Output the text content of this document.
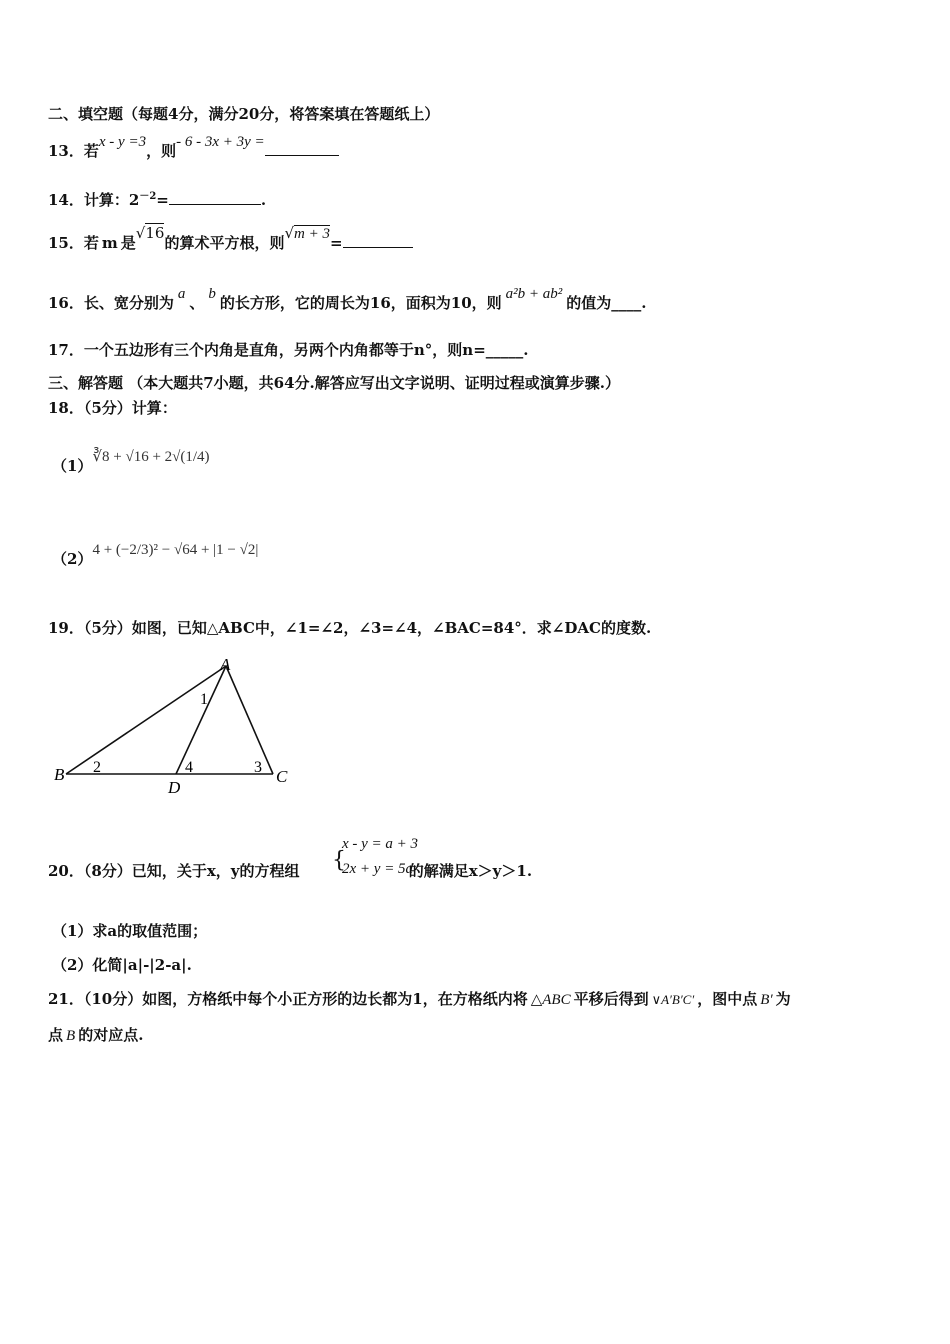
二、填空题（每题4分，满分20分，将答案填在答题纸上）
13．若x - y =3，则- 6 - 3x + 3y =
14．计算：$2^{-2}=$	.
15．若 m 是√16的算术平方根，则√m + 3=
16．长、宽分别为 a 、 b 的长方形，它的周长为16，面积为10，则 a²b + ab² 的值为____.
17．一个五边形有三个内角是直角，另两个内角都等于n°，则n=_____.
三、解答题 （本大题共7小题，共64分.解答应写出文字说明、证明过程或演算步骤.）
18．（5分）计算：
（1）∛8 + √16 + 2√(1/4)
（2）4 + (−2/3)² − √64 + |1 − √2|
19．（5分）如图，已知△ABC中，∠1=∠2，∠3=∠4，∠BAC=84°．求∠DAC的度数.
A
B	C
D
1
2	3
4
20．（8分）已知，关于x，y的方程组	的解满足x＞y＞1.
{
x - y = a + 3
2x + y = 5a
（1）求a的取值范围；
（2）化简|a|-|2-a|.
21．（10分）如图，方格纸中每个小正方形的边长都为1，在方格纸内将 △ABC 平移后得到 ∨A′B′C′ ，图中点 B′ 为
点 B 的对应点.
